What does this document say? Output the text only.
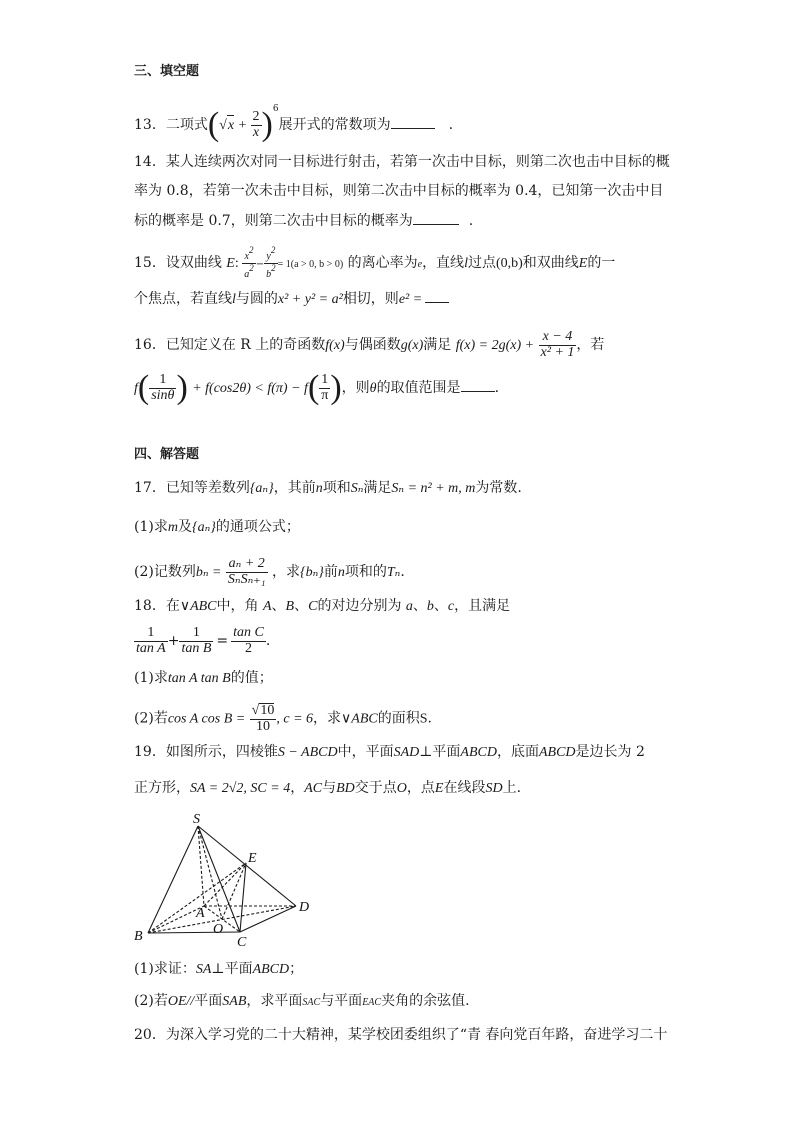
三、填空题
13．二项式$(√x + \frac{2}{x} )^6$展开式的常数项为	.
14．某人连续两次对同一目标进行射击，若第一次击中目标，则第二次也击中目标的概
率为 0.8，若第一次未击中目标，则第二次击中目标的概率为 0.4，已知第一次击中目
标的概率是 0.7，则第二次击中目标的概率为	.
15．设双曲线 E: $\frac{x2}{a2} - \frac{y2}{b2} = 1(a > 0$, b > 0) 的离心率为e，直线l过点(0,b)和双曲线E的一
个焦点，若直线l与圆的x² + y² = a²相切，则e² =
16．已知定义在 R 上的奇函数f(x)与偶函数g(x)满足 $f(x) = 2g(x) + \frac{x - 4}{\text{x² + 1}}$ ，若
$f( \frac{1}{\sin\theta}$ ) + $f(\cos 2\theta) < f(\pi) - f( \frac{1}{\pi}$ )，则θ的取值范围是 .
四、解答题
17．已知等差数列{aₙ}，其前n项和Sₙ满足Sₙ = n² + m, m为常数.
(1)求m及{aₙ}的通项公式；
(2)记数列$b_n = \frac{\text{aₙ + 2}}{\text{SₙSₙ₊₁}}$ ，求{bₙ}前n项和的Tₙ.
18．在∨ABC中，角 A、B、C的对边分别为 a、b、c，且满足
$\frac{1}{\text{tan A}} + \frac{1}{\text{tan B}} = \frac{\text{tan C}}{2}$ .
(1)求tan A tan B的值；
(2)若cos A $\cos B = \frac{√10}{10}$ , c = 6，求∨ABC的面积S.
19．如图所示，四棱锥S − ABCD中，平面SAD⊥平面ABCD，底面ABCD是边长为 2
正方形，SA = 2√2, SC = 4，AC与BD交于点O，点E在线段SD上.
S
E
A
O
D
B	C
(1)求证：SA⊥平面ABCD；
(2)若OE//平面SAB，求平面SAC与平面EAC夹角的余弦值.
20．为深入学习党的二十大精神，某学校团委组织了“青 春向党百年路，奋进学习二十
